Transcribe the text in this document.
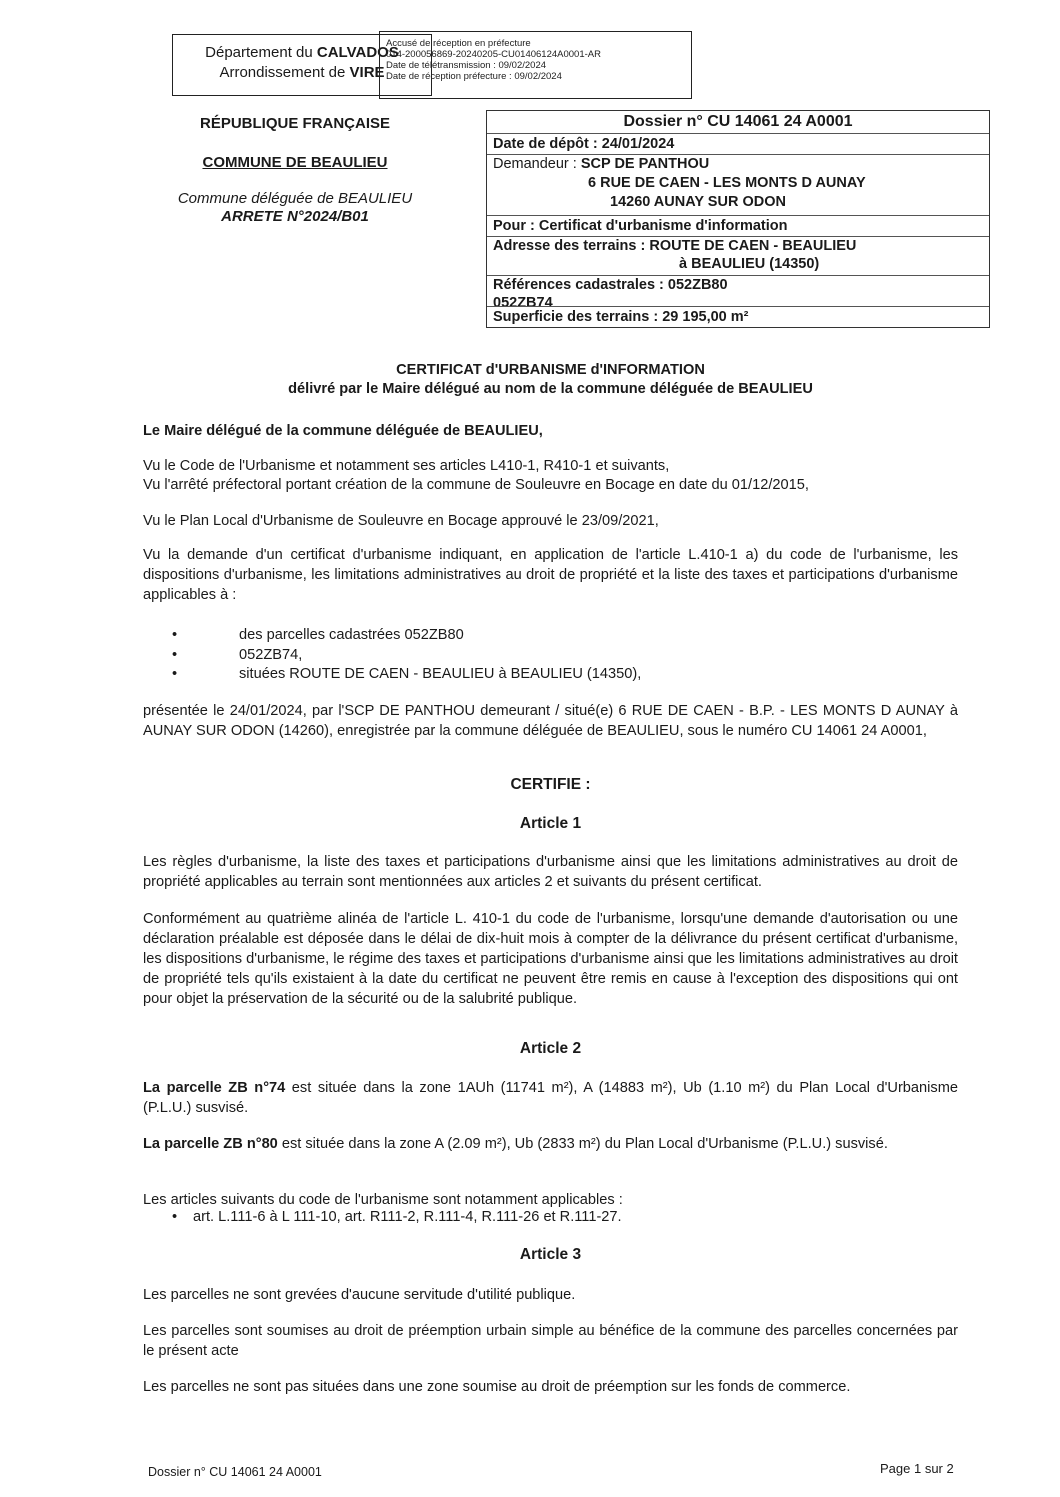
Département du CALVADOS
Arrondissement de VIRE
Accusé de réception en préfecture
014-200056869-20240205-CU01406124A0001-AR
Date de télétransmission : 09/02/2024
Date de réception préfecture : 09/02/2024
RÉPUBLIQUE FRANÇAISE
COMMUNE DE BEAULIEU
Commune déléguée de BEAULIEU
ARRETE N°2024/B01
Dossier n° CU 14061 24 A0001
Date de dépôt : 24/01/2024
Demandeur : SCP DE PANTHOU
6 RUE DE CAEN - LES MONTS D AUNAY
14260 AUNAY SUR ODON
Pour : Certificat d'urbanisme d'information
Adresse des terrains : ROUTE DE CAEN - BEAULIEU
à BEAULIEU (14350)
Références cadastrales : 052ZB80
052ZB74
Superficie des terrains : 29 195,00 m²
CERTIFICAT d'URBANISME d'INFORMATION
délivré par le Maire délégué au nom de la commune déléguée de BEAULIEU
Le Maire délégué de la commune déléguée de BEAULIEU,
Vu le Code de l'Urbanisme et notamment ses articles L410-1, R410-1 et suivants,
Vu l'arrêté préfectoral portant création de la commune de Souleuvre en Bocage en date du 01/12/2015,
Vu le Plan Local d'Urbanisme de Souleuvre en Bocage approuvé le 23/09/2021,
Vu la demande d'un certificat d'urbanisme indiquant, en application de l'article L.410-1 a) du code de l'urbanisme, les dispositions d'urbanisme, les limitations administratives au droit de propriété et la liste des taxes et participations d'urbanisme applicables à :
•	des parcelles cadastrées 052ZB80
•	052ZB74,
•	situées ROUTE DE CAEN - BEAULIEU à BEAULIEU (14350),
présentée le 24/01/2024, par l'SCP DE PANTHOU demeurant / situé(e) 6 RUE DE CAEN - B.P. - LES MONTS D AUNAY à AUNAY SUR ODON (14260), enregistrée par la commune déléguée de BEAULIEU, sous le numéro CU 14061 24 A0001,
CERTIFIE :
Article 1
Les règles d'urbanisme, la liste des taxes et participations d'urbanisme ainsi que les limitations administratives au droit de propriété applicables au terrain sont mentionnées aux articles 2 et suivants du présent certificat.
Conformément au quatrième alinéa de l'article L. 410-1 du code de l'urbanisme, lorsqu'une demande d'autorisation ou une déclaration préalable est déposée dans le délai de dix-huit mois à compter de la délivrance du présent certificat d'urbanisme, les dispositions d'urbanisme, le régime des taxes et participations d'urbanisme ainsi que les limitations administratives au droit de propriété tels qu'ils existaient à la date du certificat ne peuvent être remis en cause à l'exception des dispositions qui ont pour objet la préservation de la sécurité ou de la salubrité publique.
Article 2
La parcelle ZB n°74 est située dans la zone 1AUh (11741 m²), A (14883 m²), Ub (1.10 m²) du Plan Local d'Urbanisme (P.L.U.) susvisé.
La parcelle ZB n°80 est située dans la zone A (2.09 m²), Ub (2833 m²) du Plan Local d'Urbanisme (P.L.U.) susvisé.
Les articles suivants du code de l'urbanisme sont notamment applicables :
• art. L.111-6 à L 111-10, art. R111-2, R.111-4, R.111-26 et R.111-27.
Article 3
Les parcelles ne sont grevées d'aucune servitude d'utilité publique.
Les parcelles sont soumises au droit de préemption urbain simple au bénéfice de la commune des parcelles concernées par le présent acte
Les parcelles ne sont pas situées dans une zone soumise au droit de préemption sur les fonds de commerce.
Dossier n° CU 14061 24 A0001	Page 1 sur 2
